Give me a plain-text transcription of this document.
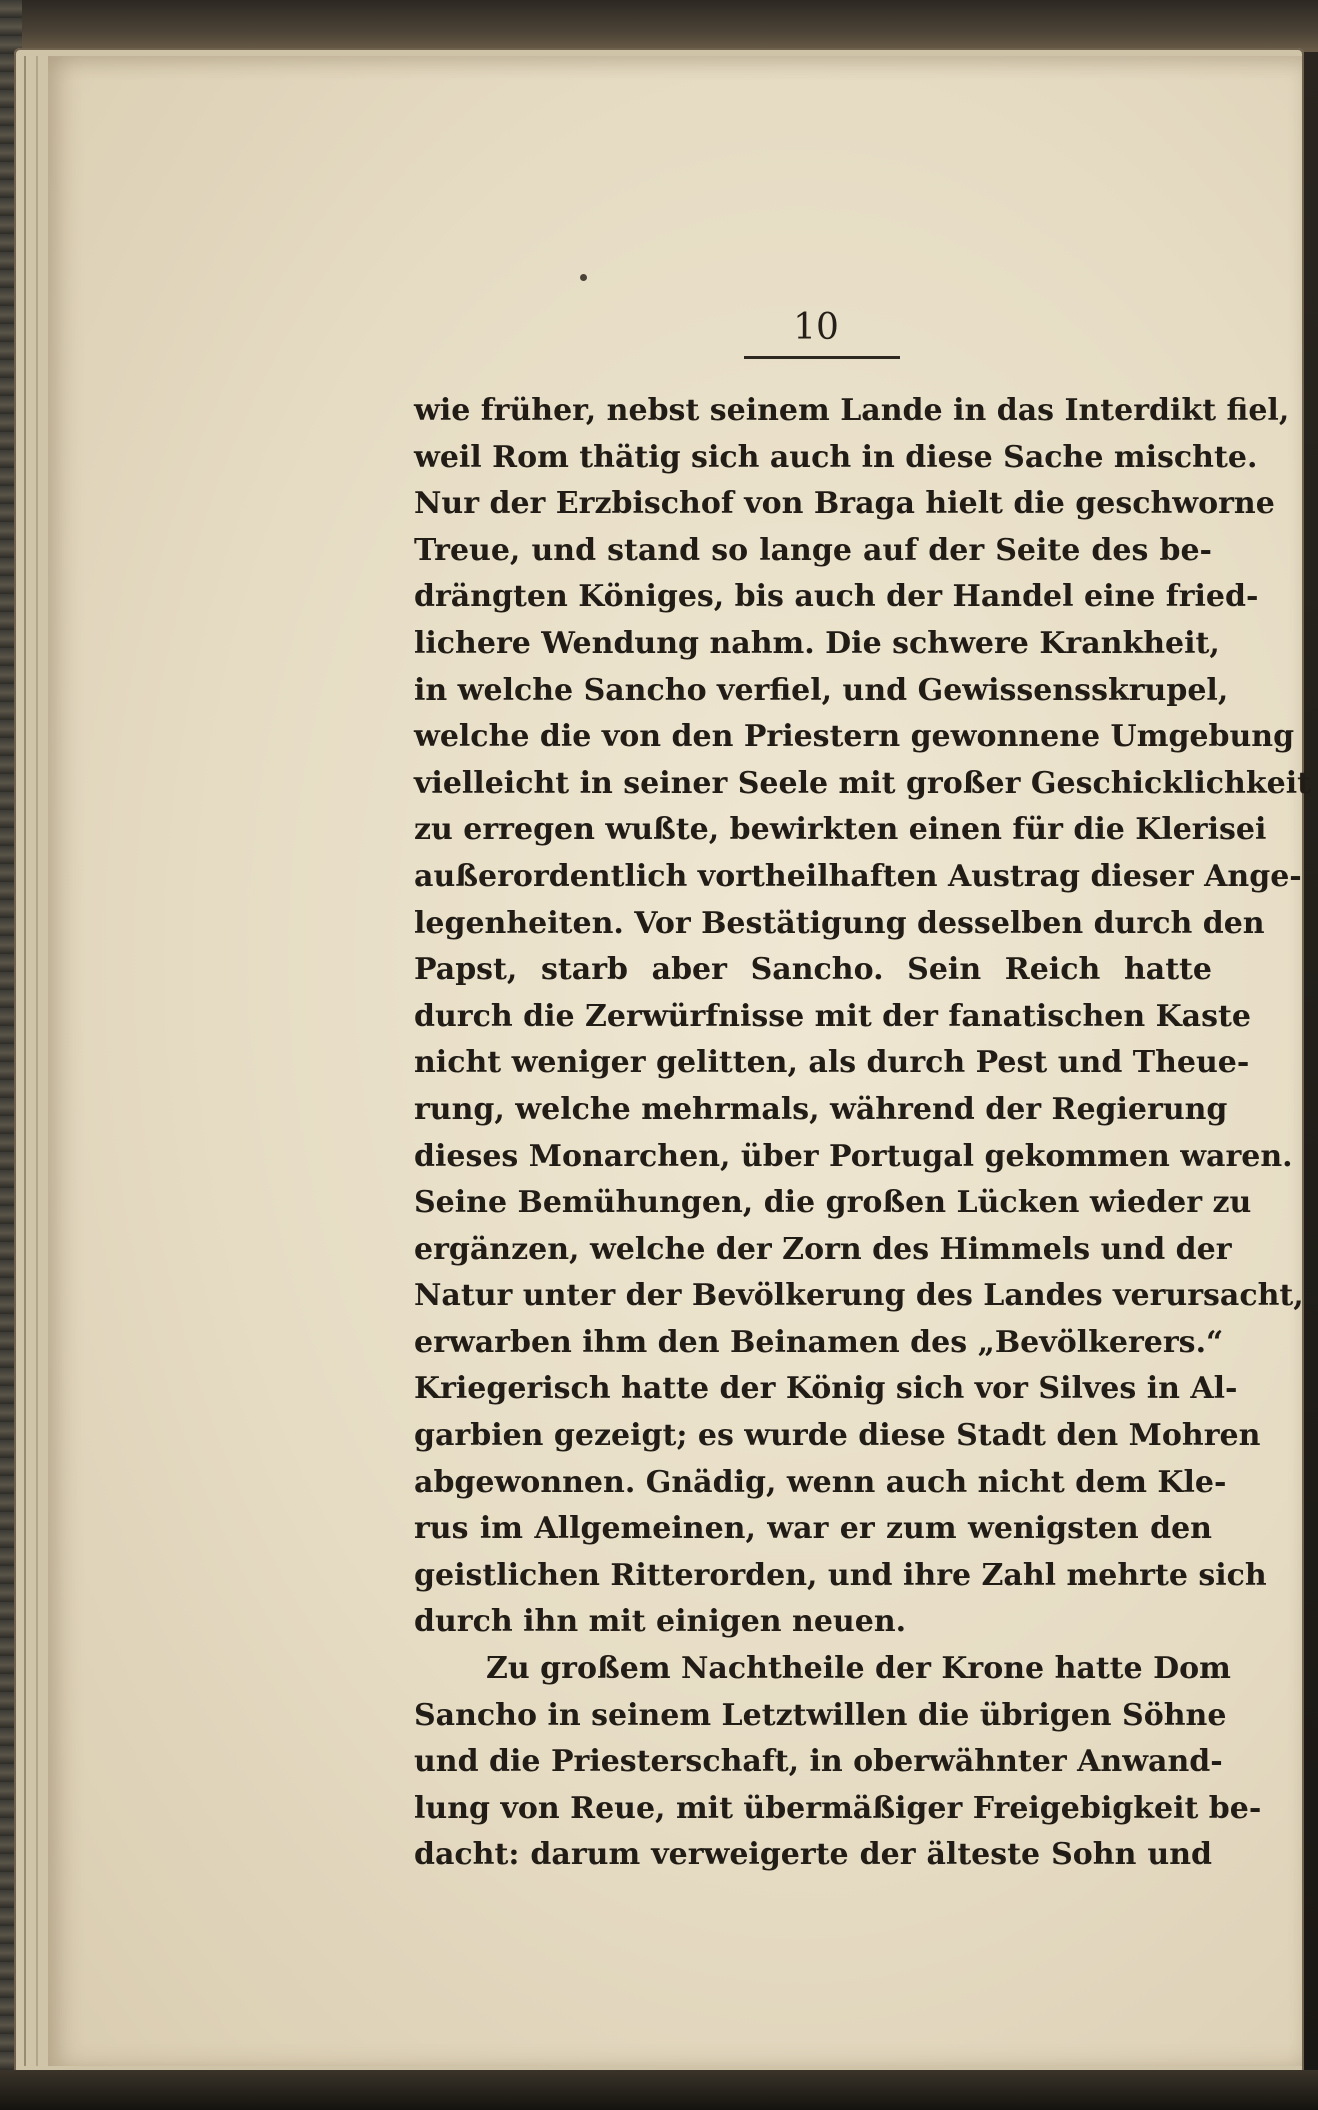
10
wie früher, nebst seinem Lande in das Interdikt fiel,
weil Rom thätig sich auch in diese Sache mischte.
Nur der Erzbischof von Braga hielt die geschworne
Treue, und stand so lange auf der Seite des be-
drängten Königes, bis auch der Handel eine fried-
lichere Wendung nahm. Die schwere Krankheit,
in welche Sancho verfiel, und Gewissensskrupel,
welche die von den Priestern gewonnene Umgebung
vielleicht in seiner Seele mit großer Geschicklichkeit
zu erregen wußte, bewirkten einen für die Klerisei
außerordentlich vortheilhaften Austrag dieser Ange-
legenheiten. Vor Bestätigung desselben durch den
Papst, starb aber Sancho. Sein Reich hatte
durch die Zerwürfnisse mit der fanatischen Kaste
nicht weniger gelitten, als durch Pest und Theue-
rung, welche mehrmals, während der Regierung
dieses Monarchen, über Portugal gekommen waren.
Seine Bemühungen, die großen Lücken wieder zu
ergänzen, welche der Zorn des Himmels und der
Natur unter der Bevölkerung des Landes verursacht,
erwarben ihm den Beinamen des „Bevölkerers.“
Kriegerisch hatte der König sich vor Silves in Al-
garbien gezeigt; es wurde diese Stadt den Mohren
abgewonnen. Gnädig, wenn auch nicht dem Kle-
rus im Allgemeinen, war er zum wenigsten den
geistlichen Ritterorden, und ihre Zahl mehrte sich
durch ihn mit einigen neuen.
Zu großem Nachtheile der Krone hatte Dom
Sancho in seinem Letztwillen die übrigen Söhne
und die Priesterschaft, in oberwähnter Anwand-
lung von Reue, mit übermäßiger Freigebigkeit be-
dacht: darum verweigerte der älteste Sohn und
